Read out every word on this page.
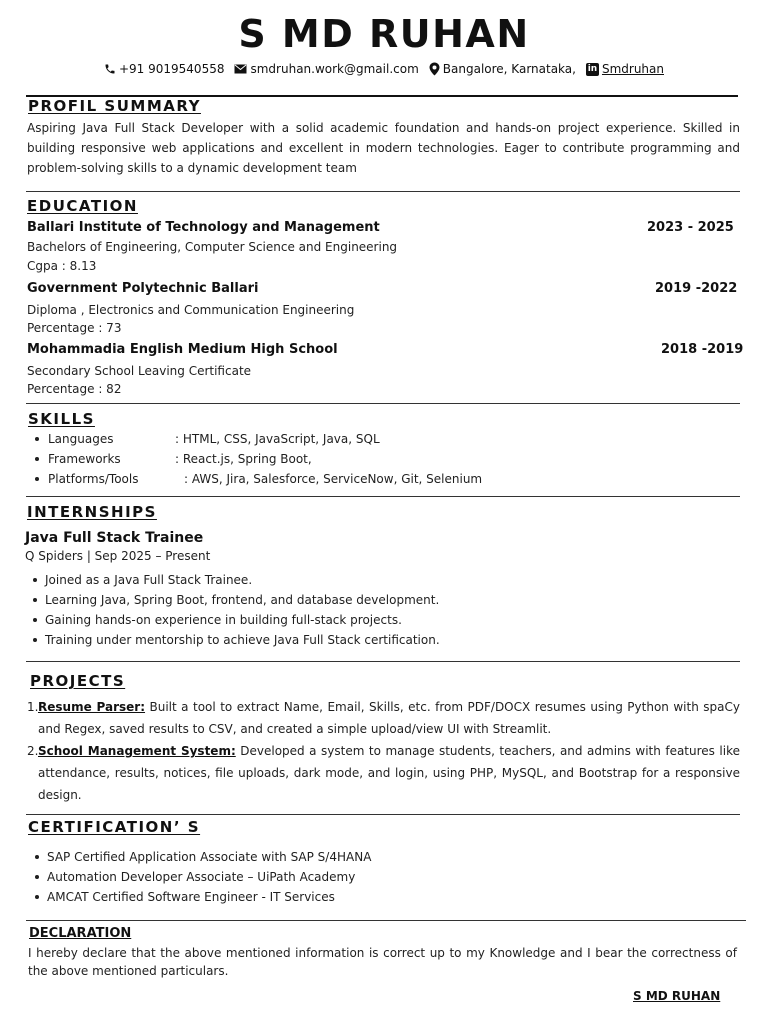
S MD RUHAN
+91 9019540558 smdruhan.work@gmail.com Bangalore, Karnataka, in Smdruhan
PROFIL SUMMARY
Aspiring Java Full Stack Developer with a solid academic foundation and hands-on project experience. Skilled in building responsive web applications and excellent in modern technologies. Eager to contribute programming and problem-solving skills to a dynamic development team
EDUCATION
Ballari Institute of Technology and Management	2023 - 2025
Bachelors of Engineering, Computer Science and Engineering
Cgpa : 8.13
Government Polytechnic Ballari	2019 -2022
Diploma , Electronics and Communication Engineering
Percentage : 73
Mohammadia English Medium High School	2018 -2019
Secondary School Leaving Certificate
Percentage : 82
SKILLS
Languages	: HTML, CSS, JavaScript, Java, SQL
Frameworks	: React.js, Spring Boot,
Platforms/Tools	: AWS, Jira, Salesforce, ServiceNow, Git, Selenium
INTERNSHIPS
Java Full Stack Trainee
Q Spiders | Sep 2025 – Present
Joined as a Java Full Stack Trainee.
Learning Java, Spring Boot, frontend, and database development.
Gaining hands-on experience in building full-stack projects.
Training under mentorship to achieve Java Full Stack certification.
PROJECTS
1. Resume Parser: Built a tool to extract Name, Email, Skills, etc. from PDF/DOCX resumes using Python with spaCy and Regex, saved results to CSV, and created a simple upload/view UI with Streamlit.
2. School Management System: Developed a system to manage students, teachers, and admins with features like attendance, results, notices, file uploads, dark mode, and login, using PHP, MySQL, and Bootstrap for a responsive design.
CERTIFICATION’ S
SAP Certified Application Associate with SAP S/4HANA
Automation Developer Associate – UiPath Academy
AMCAT Certified Software Engineer - IT Services
DECLARATION
I hereby declare that the above mentioned information is correct up to my Knowledge and I bear the correctness of the above mentioned particulars.
S MD RUHAN
